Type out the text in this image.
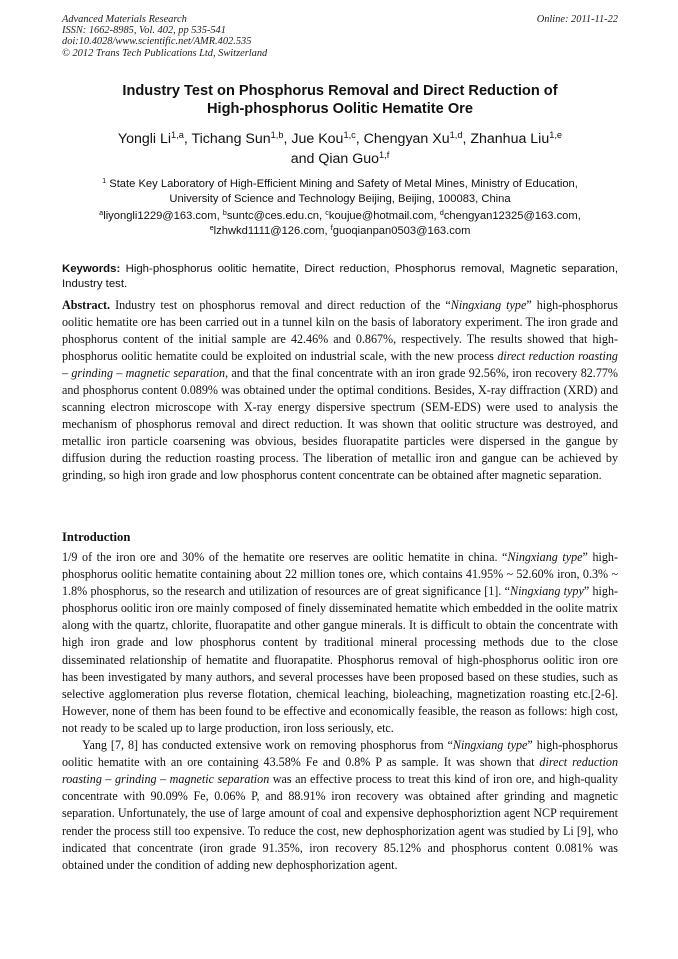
Advanced Materials Research
ISSN: 1662-8985, Vol. 402, pp 535-541
doi:10.4028/www.scientific.net/AMR.402.535
© 2012 Trans Tech Publications Ltd, Switzerland
Online: 2011-11-22
Industry Test on Phosphorus Removal and Direct Reduction of
High-phosphorus Oolitic Hematite Ore
Yongli Li$^{1,a}$, Tichang Sun$^{1,b}$, Jue Kou$^{1,c}$, Chengyan Xu$^{1,d}$, Zhanhua Liu$^{1,e}$
and Qian Guo$^{1,f}$
$^1$ State Key Laboratory of High-Efficient Mining and Safety of Metal Mines, Ministry of Education,
University of Science and Technology Beijing, Beijing, 100083, China
$^a$liyongli1229@163.com, $^b$suntc@ces.edu.cn, $^c$koujue@hotmail.com, $^d$chengyan12325@163.com,
$^e$lzhwkd1111@126.com, $^f$guoqianpan0503@163.com
Keywords: High-phosphorus oolitic hematite, Direct reduction, Phosphorus removal, Magnetic separation, Industry test.
Abstract. Industry test on phosphorus removal and direct reduction of the “Ningxiang type” high-phosphorus oolitic hematite ore has been carried out in a tunnel kiln on the basis of laboratory experiment. The iron grade and phosphorus content of the initial sample are 42.46% and 0.867%, respectively. The results showed that high-phosphorus oolitic hematite could be exploited on industrial scale, with the new process direct reduction roasting – grinding – magnetic separation, and that the final concentrate with an iron grade 92.56%, iron recovery 82.77% and phosphorus content 0.089% was obtained under the optimal conditions. Besides, X-ray diffraction (XRD) and scanning electron microscope with X-ray energy dispersive spectrum (SEM-EDS) were used to analysis the mechanism of phosphorus removal and direct reduction. It was shown that oolitic structure was destroyed, and metallic iron particle coarsening was obvious, besides fluorapatite particles were dispersed in the gangue by diffusion during the reduction roasting process. The liberation of metallic iron and gangue can be achieved by grinding, so high iron grade and low phosphorus content concentrate can be obtained after magnetic separation.
Introduction

1/9 of the iron ore and 30% of the hematite ore reserves are oolitic hematite in china. “Ningxiang type” high-phosphorus oolitic hematite containing about 22 million tones ore, which contains 41.95% ~ 52.60% iron, 0.3% ~ 1.8% phosphorus, so the research and utilization of resources are of great significance [1]. “Ningxiang typy” high-phosphorus oolitic iron ore mainly composed of finely disseminated hematite which embedded in the oolite matrix along with the quartz, chlorite, fluorapatite and other gangue minerals. It is difficult to obtain the concentrate with high iron grade and low phosphorus content by traditional mineral processing methods due to the close disseminated relationship of hematite and fluorapatite. Phosphorus removal of high-phosphorus oolitic iron ore has been investigated by many authors, and several processes have been proposed based on these studies, such as selective agglomeration plus reverse flotation, chemical leaching, bioleaching, magnetization roasting etc.[2-6]. However, none of them has been found to be effective and economically feasible, the reason as follows: high cost, not ready to be scaled up to large production, iron loss seriously, etc.

Yang [7, 8] has conducted extensive work on removing phosphorus from “Ningxiang type” high-phosphorus oolitic hematite with an ore containing 43.58% Fe and 0.8% P as sample. It was shown that direct reduction roasting – grinding – magnetic separation was an effective process to treat this kind of iron ore, and high-quality concentrate with 90.09% Fe, 0.06% P, and 88.91% iron recovery was obtained after grinding and magnetic separation. Unfortunately, the use of large amount of coal and expensive dephosphoriztion agent NCP requirement render the process still too expensive. To reduce the cost, new dephosphorization agent was studied by Li [9], who indicated that concentrate (iron grade 91.35%, iron recovery 85.12% and phosphorus content 0.081% was obtained under the condition of adding new dephosphorization agent.
